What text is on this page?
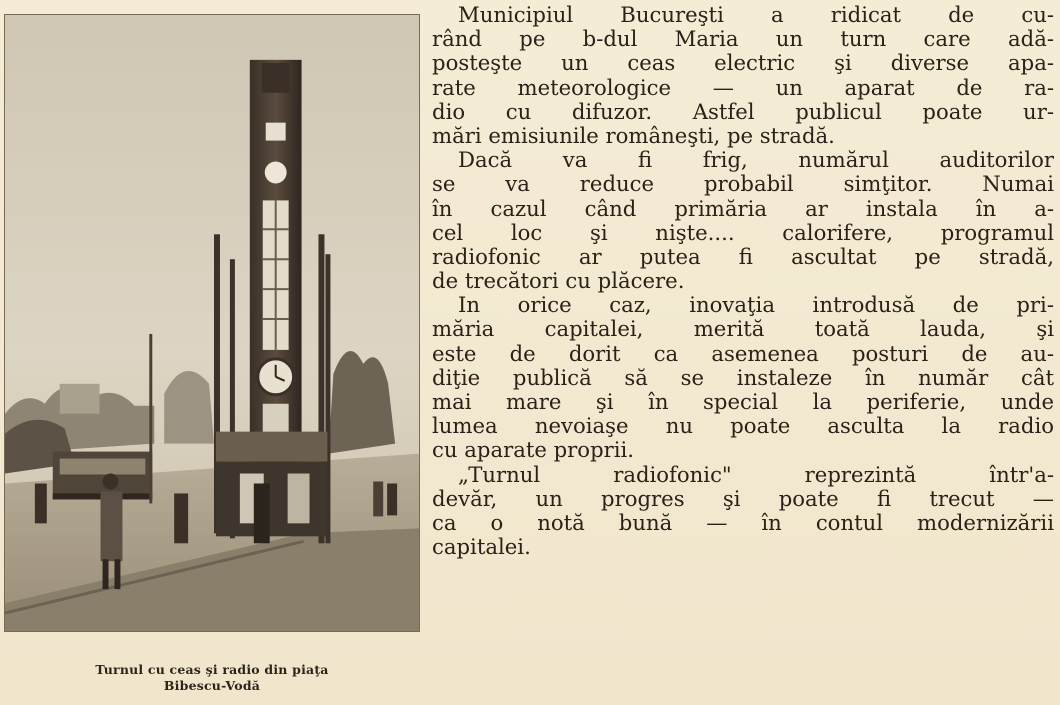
Turnul cu ceas şi radio din piaţa
Bibescu-Vodă
Municipiul Bucureşti a ridicat de cu-
rând pe b-dul Maria un turn care adă-
posteşte un ceas electric şi diverse apa-
rate meteorologice — un aparat de ra-
dio cu difuzor. Astfel publicul poate ur-
mări emisiunile româneşti, pe stradă.
Dacă va fi frig, numărul auditorilor
se va reduce probabil simţitor. Numai
în cazul când primăria ar instala în a-
cel loc şi nişte.... calorifere, programul
radiofonic ar putea fi ascultat pe stradă,
de trecători cu plăcere.
In orice caz, inovaţia introdusă de pri-
măria capitalei, merită toată lauda, şi
este de dorit ca asemenea posturi de au-
diţie publică să se instaleze în număr cât
mai mare şi în special la periferie, unde
lumea nevoiaşe nu poate asculta la radio
cu aparate proprii.
„Turnul radiofonic" reprezintă într'a-
devăr, un progres şi poate fi trecut —
ca o notă bună — în contul modernizării
capitalei.
